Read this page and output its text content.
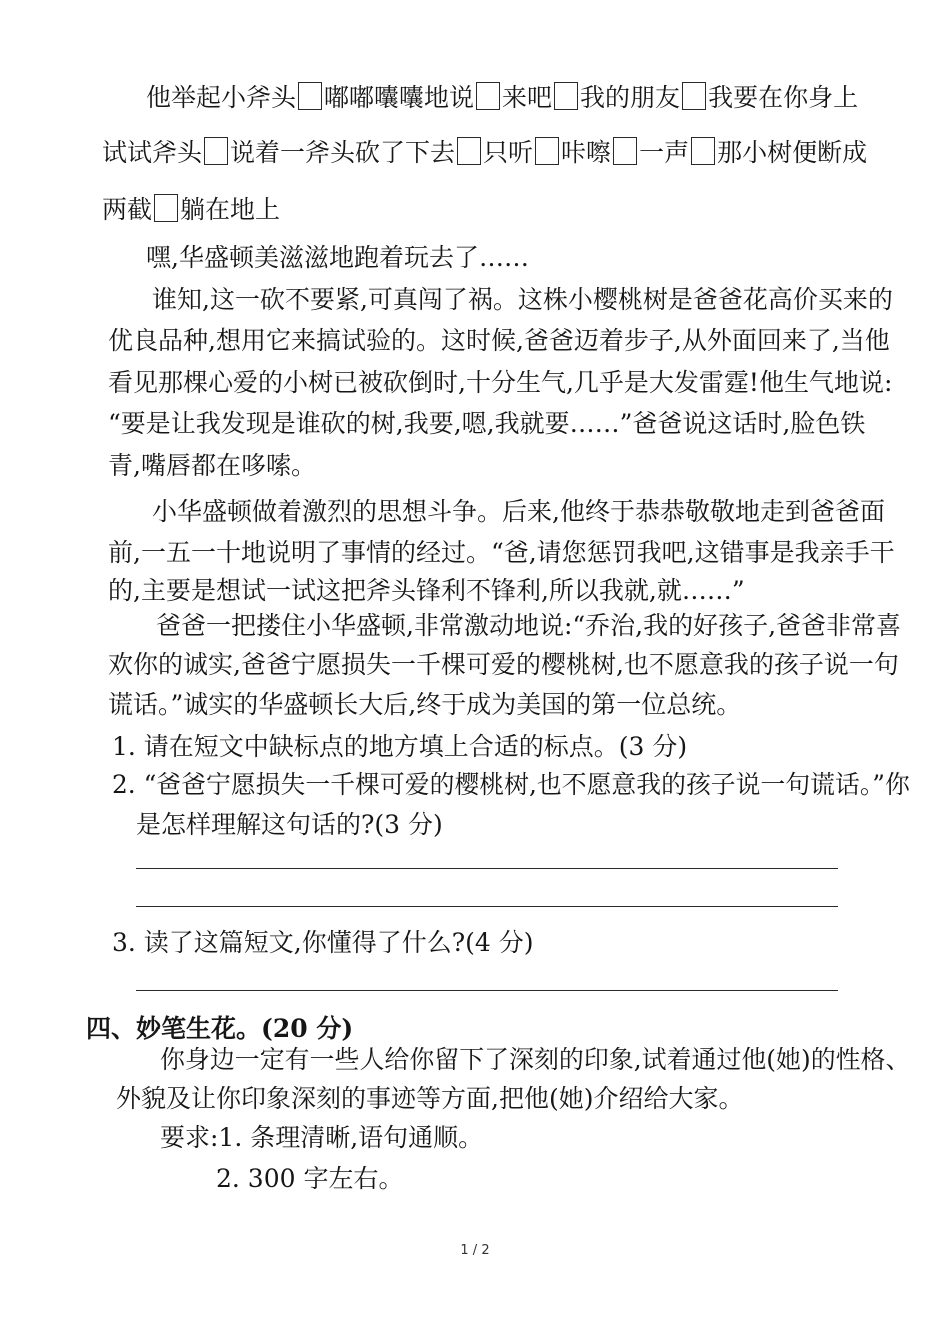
他举起小斧头 嘟嘟囔囔地说 来吧 我的朋友 我要在你身上
试试斧头 说着一斧头砍了下去 只听 咔嚓 一声 那小树便断成
两截 躺在地上
嘿,华盛顿美滋滋地跑着玩去了……
谁知,这一砍不要紧,可真闯了祸。这株小樱桃树是爸爸花高价买来的
优良品种,想用它来搞试验的。这时候,爸爸迈着步子,从外面回来了,当他
看见那棵心爱的小树已被砍倒时,十分生气,几乎是大发雷霆!他生气地说:
“要是让我发现是谁砍的树,我要,嗯,我就要……”爸爸说这话时,脸色铁
青,嘴唇都在哆嗦。
小华盛顿做着激烈的思想斗争。后来,他终于恭恭敬敬地走到爸爸面
前,一五一十地说明了事情的经过。“爸,请您惩罚我吧,这错事是我亲手干
的,主要是想试一试这把斧头锋利不锋利,所以我就,就……”
爸爸一把搂住小华盛顿,非常激动地说:“乔治,我的好孩子,爸爸非常喜
欢你的诚实,爸爸宁愿损失一千棵可爱的樱桃树,也不愿意我的孩子说一句
谎话。”诚实的华盛顿长大后,终于成为美国的第一位总统。
1. 请在短文中缺标点的地方填上合适的标点。(3 分)
2. “爸爸宁愿损失一千棵可爱的樱桃树,也不愿意我的孩子说一句谎话。”你
是怎样理解这句话的?(3 分)
3. 读了这篇短文,你懂得了什么?(4 分)
四、妙笔生花。(20 分)
你身边一定有一些人给你留下了深刻的印象,试着通过他(她)的性格、
外貌及让你印象深刻的事迹等方面,把他(她)介绍给大家。
要求:1. 条理清晰,语句通顺。
2. 300 字左右。
1 / 2
